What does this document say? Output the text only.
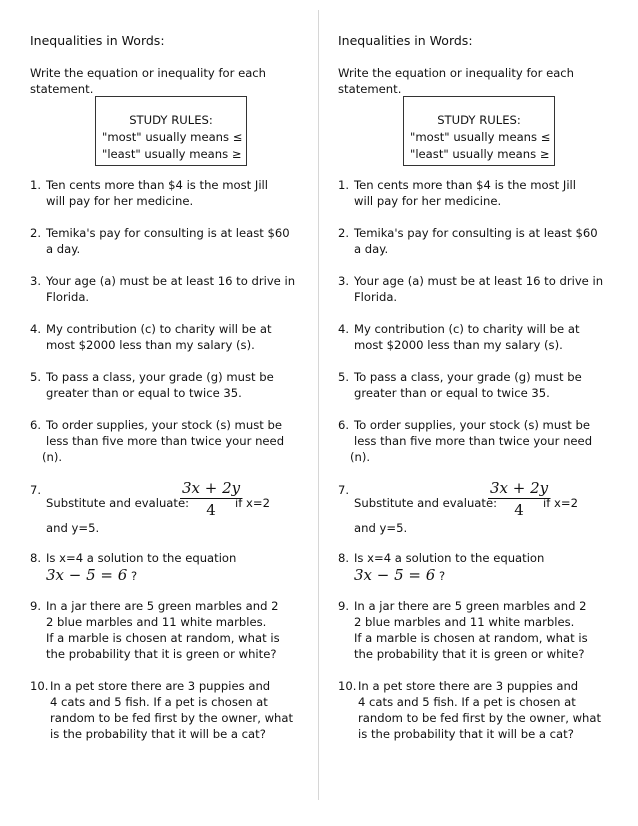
Inequalities in Words:
Write the equation or inequality for each
statement.
STUDY RULES:
"most" usually means ≤
"least" usually means ≥
1. Ten cents more than $4 is the most Jill
will pay for her medicine.
2. Temika's pay for consulting is at least $60
a day.
3. Your age (a) must be at least 16 to drive in
Florida.
4. My contribution (c) to charity will be at
most $2000 less than my salary (s).
5. To pass a class, your grade (g) must be
greater than or equal to twice 35.
6. To order supplies, your stock (s) must be
less than five more than twice your need
(n).
7.
Substitute and evaluate:
$\frac{3x + 2y}{4}$
if x=2
and y=5.
8. Is x=4 a solution to the equation
3x − 5 = 6 ?
9. In a jar there are 5 green marbles and 2
2 blue marbles and 11 white marbles.
If a marble is chosen at random, what is
the probability that it is green or white?
10. In a pet store there are 3 puppies and
4 cats and 5 fish. If a pet is chosen at
random to be fed first by the owner, what
is the probability that it will be a cat?
Inequalities in Words:
Write the equation or inequality for each
statement.
STUDY RULES:
"most" usually means ≤
"least" usually means ≥
1. Ten cents more than $4 is the most Jill
will pay for her medicine.
2. Temika's pay for consulting is at least $60
a day.
3. Your age (a) must be at least 16 to drive in
Florida.
4. My contribution (c) to charity will be at
most $2000 less than my salary (s).
5. To pass a class, your grade (g) must be
greater than or equal to twice 35.
6. To order supplies, your stock (s) must be
less than five more than twice your need
(n).
7.
Substitute and evaluate:
$\frac{3x + 2y}{4}$
if x=2
and y=5.
8. Is x=4 a solution to the equation
3x − 5 = 6 ?
9. In a jar there are 5 green marbles and 2
2 blue marbles and 11 white marbles.
If a marble is chosen at random, what is
the probability that it is green or white?
10. In a pet store there are 3 puppies and
4 cats and 5 fish. If a pet is chosen at
random to be fed first by the owner, what
is the probability that it will be a cat?
